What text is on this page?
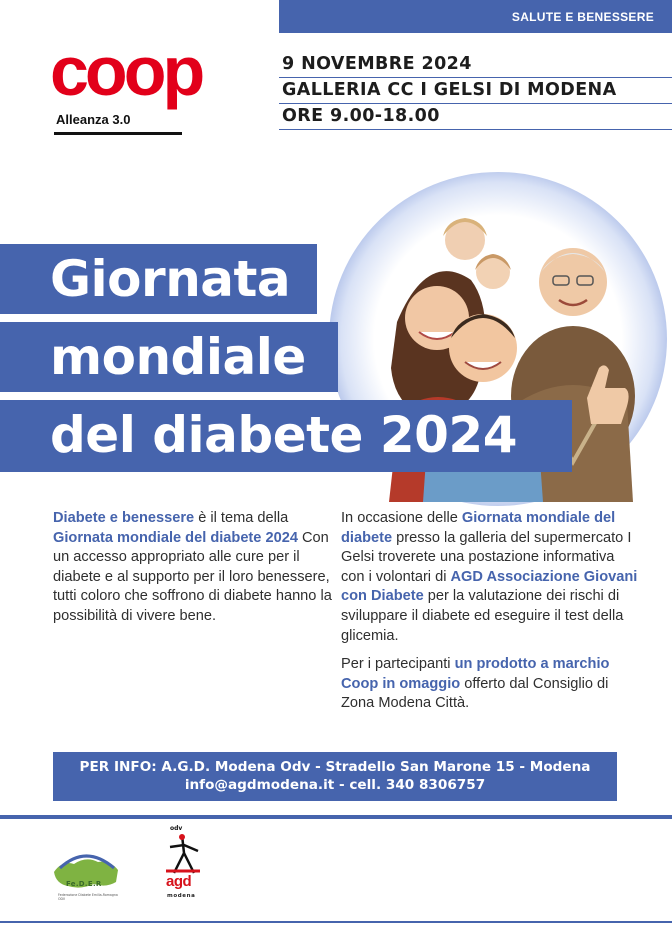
SALUTE E BENESSERE
coop
Alleanza 3.0
9 NOVEMBRE 2024
GALLERIA CC I GELSI DI MODENA
ORE 9.00-18.00
Giornata
mondiale
del diabete 2024

Diabete e benessere è il tema della Giornata mondiale del diabete 2024 Con un accesso appropriato alle cure per il diabete e al supporto per il loro benessere, tutti coloro che soffrono di diabete hanno la possibilità di vivere bene.

In occasione delle Giornata mondiale del diabete presso la galleria del supermercato I Gelsi troverete una postazione informativa con i volontari di AGD Associazione Giovani con Diabete per la valutazione dei rischi di sviluppare il diabete ed eseguire il test della glicemia.

Per i partecipanti un prodotto a marchio Coop in omaggio offerto dal Consiglio di Zona Modena Città.

PER INFO: A.G.D. Modena Odv - Stradello San Marone 15 - Modena
info@agdmodena.it - cell. 340 8306757
Fe.D.E.R
Federazione Diabete Emilia-Romagna ODV
odv
agd
modena
